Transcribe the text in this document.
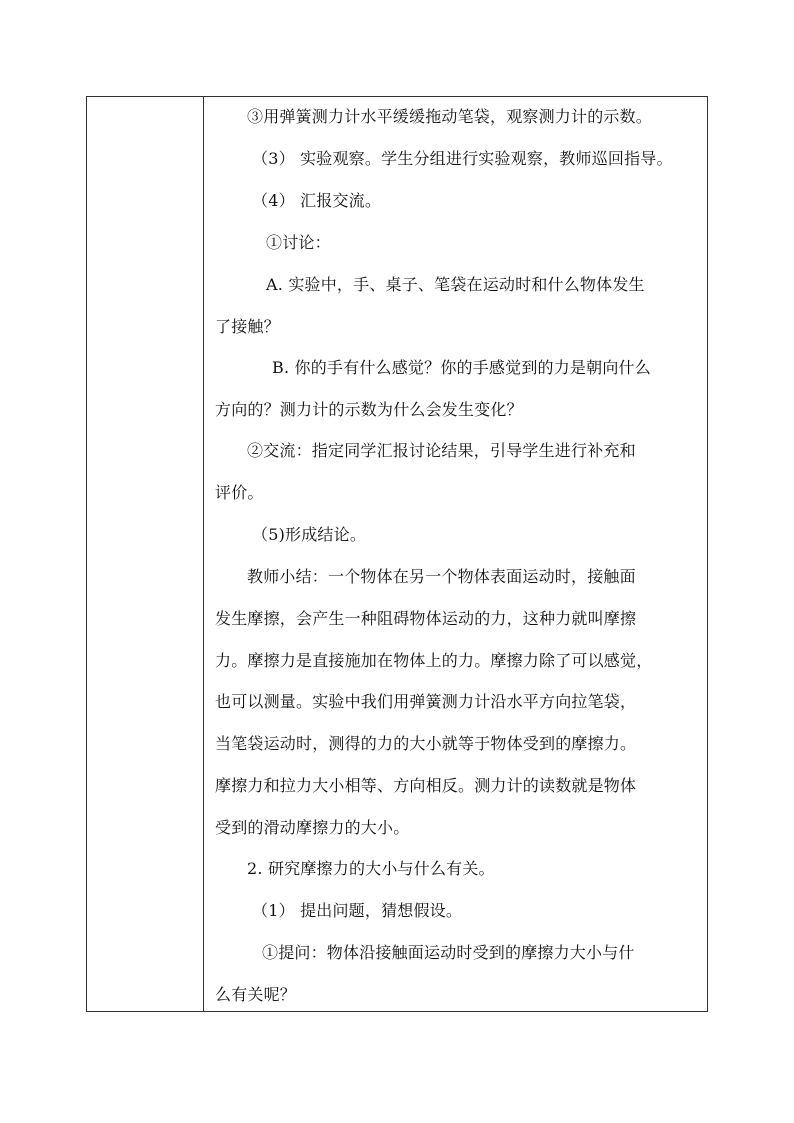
③用弹簧测力计水平缓缓拖动笔袋，观察测力计的示数。
（3） 实验观察。学生分组进行实验观察，教师巡回指导。
（4） 汇报交流。
①讨论：
A. 实验中，手、桌子、笔袋在运动时和什么物体发生
了接触？
B. 你的手有什么感觉？你的手感觉到的力是朝向什么
方向的？测力计的示数为什么会发生变化？
②交流：指定同学汇报讨论结果，引导学生进行补充和
评价。
（5)形成结论。
教师小结：一个物体在另一个物体表面运动时，接触面
发生摩擦，会产生一种阻碍物体运动的力，这种力就叫摩擦
力。摩擦力是直接施加在物体上的力。摩擦力除了可以感觉，
也可以测量。实验中我们用弹簧测力计沿水平方向拉笔袋，
当笔袋运动时，测得的力的大小就等于物体受到的摩擦力。
摩擦力和拉力大小相等、方向相反。测力计的读数就是物体
受到的滑动摩擦力的大小。
2. 研究摩擦力的大小与什么有关。
（1） 提出问题，猜想假设。
①提问：物体沿接触面运动时受到的摩擦力大小与什
么有关呢？
